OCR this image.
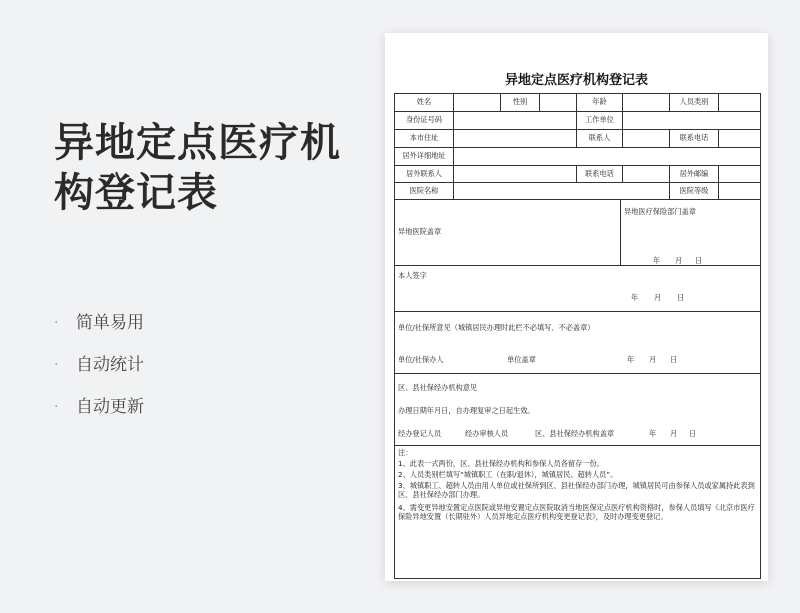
异地定点医疗机构登记表
·	简单易用
·	自动统计
·	自动更新
异地定点医疗机构登记表
姓名	性别	年龄	人员类别
身份证号码	工作单位
本市住址	联系人	联系电话
居外详细地址
居外联系人	联系电话	居外邮编
医院名称	医院等级
异地医院盖章
异地医疗保险部门盖章
年 月 日
本人签字
年 月 日
单位/社保所意见（城镇居民办理时此栏不必填写、不必盖章）
单位/社保办人	单位盖章	年 月 日
区、县社保经办机构意见
办理日期年月日，自办理复审之日起生效。
经办登记人员	经办审核人员	区、县社保经办机构盖章	年 月 日
注：
1、此表一式两份，区、县社保经办机构和参保人员各留存一份。
2、人员类别栏填写“城镇职工（在职/退休），城镇居民、超转人员”。
3、城镇职工、超转人员由用人单位或社保所到区、县社保经办部门办理，城镇居民可由参保人员或家属持此表到区、县社保经办部门办理。
4、需变更异地安置定点医院或异地安置定点医院取消当地医保定点医疗机构资格时，参保人员填写《北京市医疗保险异地安置（长期驻外）人员异地定点医疗机构变更登记表》，及时办理变更登记。
